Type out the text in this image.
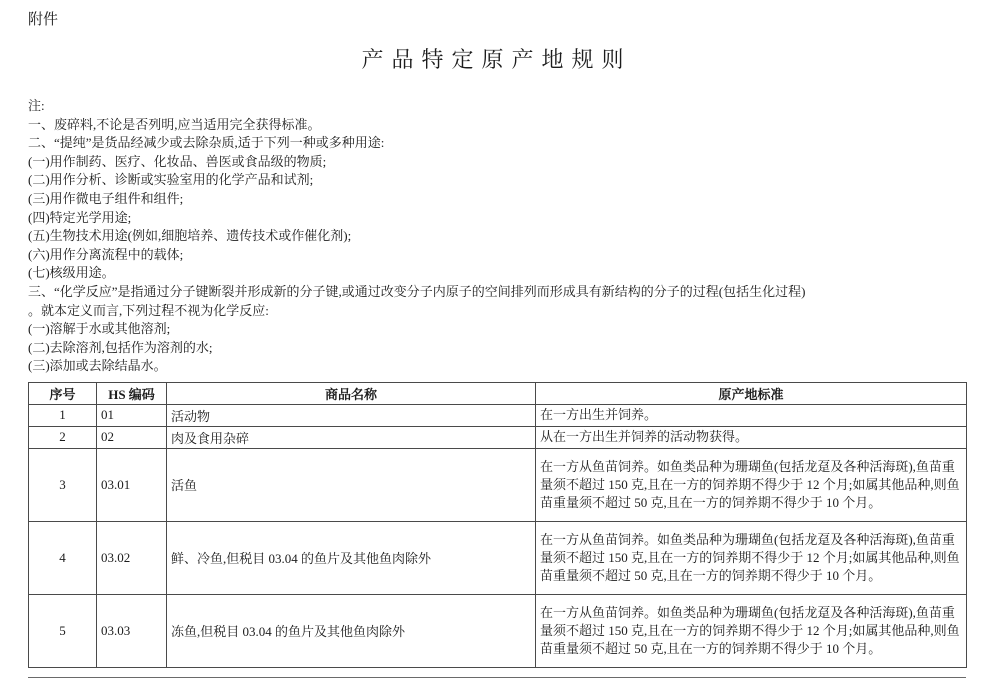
附件
产品特定原产地规则
注:
一、废碎料,不论是否列明,应当适用完全获得标准。
二、“提纯”是货品经减少或去除杂质,适于下列一种或多种用途:
(一)用作制药、医疗、化妆品、兽医或食品级的物质;
(二)用作分析、诊断或实验室用的化学产品和试剂;
(三)用作微电子组件和组件;
(四)特定光学用途;
(五)生物技术用途(例如,细胞培养、遗传技术或作催化剂);
(六)用作分离流程中的载体;
(七)核级用途。
三、“化学反应”是指通过分子键断裂并形成新的分子键,或通过改变分子内原子的空间排列而形成具有新结构的分子的过程(包括生化过程)
。就本定义而言,下列过程不视为化学反应:
(一)溶解于水或其他溶剂;
(二)去除溶剂,包括作为溶剂的水;
(三)添加或去除结晶水。
序号	HS 编码	商品名称	原产地标准
1	01	活动物	在一方出生并饲养。
2	02	肉及食用杂碎	从在一方出生并饲养的活动物获得。
3	03.01	活鱼	在一方从鱼苗饲养。如鱼类品种为珊瑚鱼(包括龙趸及各种活海斑),鱼苗重量须不超过 150 克,且在一方的饲养期不得少于 12 个月;如属其他品种,则鱼苗重量须不超过 50 克,且在一方的饲养期不得少于 10 个月。
4	03.02	鲜、冷鱼,但税目 03.04 的鱼片及其他鱼肉除外	在一方从鱼苗饲养。如鱼类品种为珊瑚鱼(包括龙趸及各种活海斑),鱼苗重量须不超过 150 克,且在一方的饲养期不得少于 12 个月;如属其他品种,则鱼苗重量须不超过 50 克,且在一方的饲养期不得少于 10 个月。
5	03.03	冻鱼,但税目 03.04 的鱼片及其他鱼肉除外	在一方从鱼苗饲养。如鱼类品种为珊瑚鱼(包括龙趸及各种活海斑),鱼苗重量须不超过 150 克,且在一方的饲养期不得少于 12 个月;如属其他品种,则鱼苗重量须不超过 50 克,且在一方的饲养期不得少于 10 个月。
